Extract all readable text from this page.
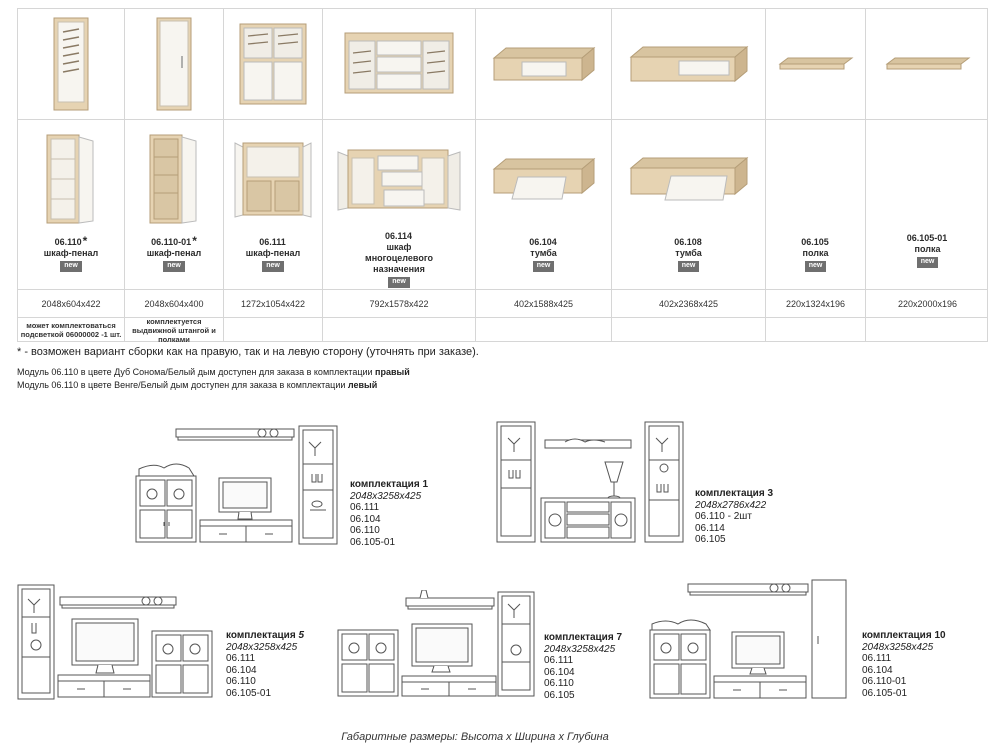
06.110*
шкаф-пенал
new
06.110-01*
шкаф-пенал
new
06.111
шкаф-пенал
new
06.114
шкаф многоцелевого назначения
new
06.104
тумба
new
06.108
тумба
new
06.105
полка
new
06.105-01
полка
new
2048x604x422	2048x604x400	1272x1054x422	792x1578x422	402x1588x425	402x2368x425	220x1324x196	220x2000x196
может комплектоваться подсветкой 06000002 -1 шт.
комплектуется выдвижной штангой и полками
* - возможен вариант сборки как на правую, так и на левую сторону (уточнять при заказе).
Модуль 06.110 в цвете Дуб Сонома/Белый дым доступен для заказа в комплектации правый
Модуль 06.110 в цвете Венге/Белый дым доступен для заказа в комплектации левый
комплектация 1
2048x3258x425
06.111
06.104
06.110
06.105-01
комплектация 3
2048x2786x422
06.110 - 2шт
06.114
06.105
комплектация 5
2048x3258x425
06.111
06.104
06.110
06.105-01
комплектация 7
2048x3258x425
06.111
06.104
06.110
06.105
комплектация 10
2048x3258x425
06.111
06.104
06.110-01
06.105-01
Габаритные размеры: Высота x Ширина x Глубина
